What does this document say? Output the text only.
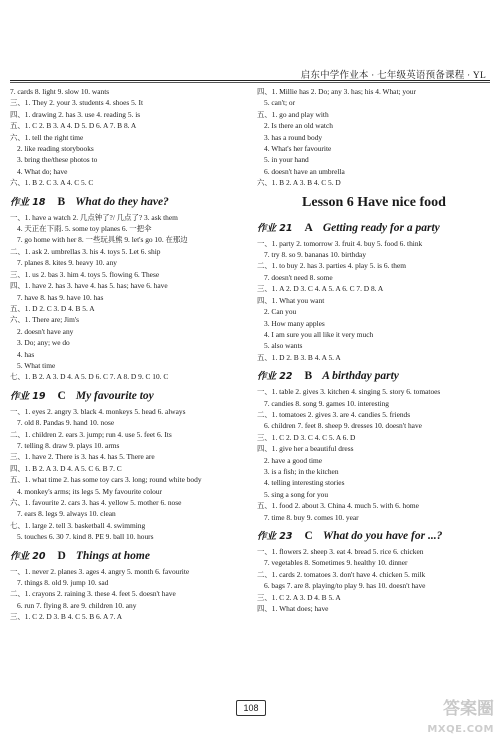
启东中学作业本 · 七年级英语预备课程 · YL
7. cards 8. light 9. slow 10. wants
三、1. They 2. your 3. students 4. shoes 5. It
四、1. drawing 2. has 3. use 4. reading 5. is
五、1. C 2. B 3. A 4. D 5. D 6. A 7. B 8. A
六、1. tell the right time
2. like reading storybooks
3. bring the/these photos to
4. What do; have
六、1. B 2. C 3. A 4. C 5. C
作业 18 B What do they have?
一、1. have a watch 2. 几点钟了?/ 几点了? 3. ask them
4. 天正在下雨. 5. some toy planes 6. 一把伞
7. go home with her 8. 一些玩具熊 9. let's go 10. 在那边
二、1. ask 2. umbrellas 3. his 4. toys 5. Let 6. ship
7. planes 8. kites 9. heavy 10. any
三、1. us 2. bas 3. him 4. toys 5. flowing 6. These
四、1. have 2. has 3. have 4. has 5. has; have 6. have
7. have 8. has 9. have 10. has
五、1. D 2. C 3. D 4. B 5. A
六、1. There are; Jim's
2. doesn't have any
3. Do; any; we do
4. has
5. What time
七、1. B 2. A 3. D 4. A 5. D 6. C 7. A 8. D 9. C 10. C
作业 19 C My favourite toy
一、1. eyes 2. angry 3. black 4. monkeys 5. head 6. always
7. old 8. Pandas 9. hand 10. nose
二、1. children 2. ears 3. jump; run 4. use 5. feet 6. Its
7. telling 8. draw 9. plays 10. arms
三、1. have 2. There is 3. has 4. has 5. There are
四、1. B 2. A 3. D 4. A 5. C 6. B 7. C
五、1. what time 2. has some toy cars 3. long; round white body
4. monkey's arms; its legs 5. My favourite colour
六、1. favourite 2. cars 3. has 4. yellow 5. mother 6. nose
7. ears 8. legs 9. always 10. clean
七、1. large 2. tell 3. basketball 4. swimming
5. touches 6. 30 7. kind 8. PE 9. ball 10. hours
作业 20 D Things at home
一、1. never 2. planes 3. ages 4. angry 5. month 6. favourite
7. things 8. old 9. jump 10. sad
二、1. crayons 2. raining 3. these 4. feet 5. doesn't have
6. run 7. flying 8. are 9. children 10. any
三、1. C 2. D 3. B 4. C 5. B 6. A 7. A
四、1. Millie has 2. Do; any 3. has; his 4. What; your
5. can't; or
五、1. go and play with
2. Is there an old watch
3. has a round body
4. What's her favourite
5. in your hand
6. doesn't have an umbrella
六、1. B 2. A 3. B 4. C 5. D
Lesson 6 Have nice food
作业 21 A Getting ready for a party
一、1. party 2. tomorrow 3. fruit 4. buy 5. food 6. think
7. try 8. so 9. bananas 10. birthday
二、1. to buy 2. has 3. parties 4. play 5. is 6. them
7. doesn't need 8. some
三、1. A 2. D 3. C 4. A 5. A 6. C 7. D 8. A
四、1. What you want
2. Can you
3. How many apples
4. I am sure you all like it very much
5. also wants
五、1. D 2. B 3. B 4. A 5. A
作业 22 B A birthday party
一、1. table 2. gives 3. kitchen 4. singing 5. story 6. tomatoes
7. candies 8. song 9. games 10. interesting
二、1. tomatoes 2. gives 3. are 4. candies 5. friends
6. children 7. feet 8. sheep 9. dresses 10. doesn't have
三、1. C 2. D 3. C 4. C 5. A 6. D
四、1. give her a beautiful dress
2. have a good time
3. is a fish; in the kitchen
4. telling interesting stories
5. sing a song for you
五、1. food 2. about 3. China 4. much 5. with 6. home
7. time 8. buy 9. comes 10. year
作业 23 C What do you have for ...?
一、1. flowers 2. sheep 3. eat 4. bread 5. rice 6. chicken
7. vegetables 8. Sometimes 9. healthy 10. dinner
二、1. cards 2. tomatoes 3. don't have 4. chicken 5. milk
6. bags 7. are 8. playing/to play 9. has 10. doesn't have
三、1. C 2. A 3. D 4. B 5. A
四、1. What does; have
108	答案圈
MXQE.COM
